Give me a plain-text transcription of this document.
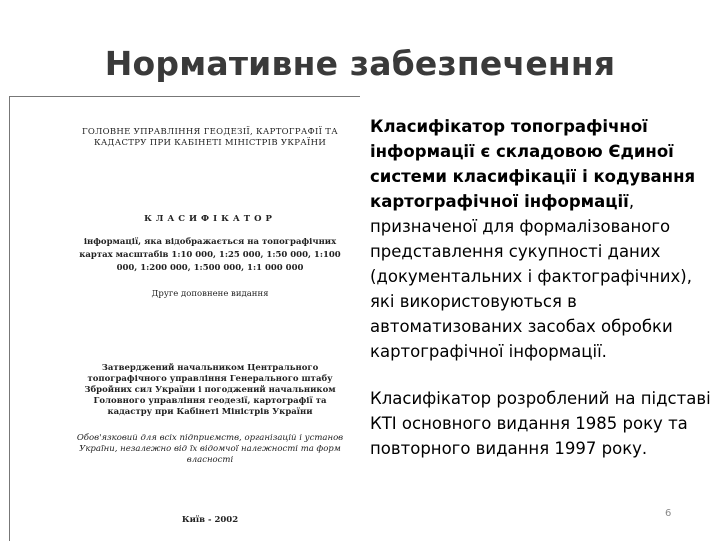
Нормативне забезпечення
ГОЛОВНЕ УПРАВЛІННЯ ГЕОДЕЗІЇ, КАРТОГРАФІЇ ТА КАДАСТРУ ПРИ КАБІНЕТІ МІНІСТРІВ УКРАЇНИ
КЛАСИФІКАТОР
інформації, яка відображається на топографічних картах масштабів 1:10 000, 1:25 000, 1:50 000, 1:100 000, 1:200 000, 1:500 000, 1:1 000 000
Друге доповнене видання
Затверджений начальником Центрального топографічного управління Генерального штабу Збройних сил України і погоджений начальником Головного управління геодезії, картографії та кадастру при Кабінеті Міністрів України
Обов'язковий для всіх підприємств, організацій і установ України, незалежно від їх відомчої належності та форм власності
Київ - 2002

Класифікатор топографічної інформації є складовою Єдиної системи класифікації і кодування картографічної інформації, призначеної для формалізованого представлення сукупності даних (документальних і фактографічних), які використовуються в автоматизованих засобах обробки картографічної інформації.

Класифікатор розроблений на підставі КТІ основного видання 1985 року та повторного видання 1997 року.

6
